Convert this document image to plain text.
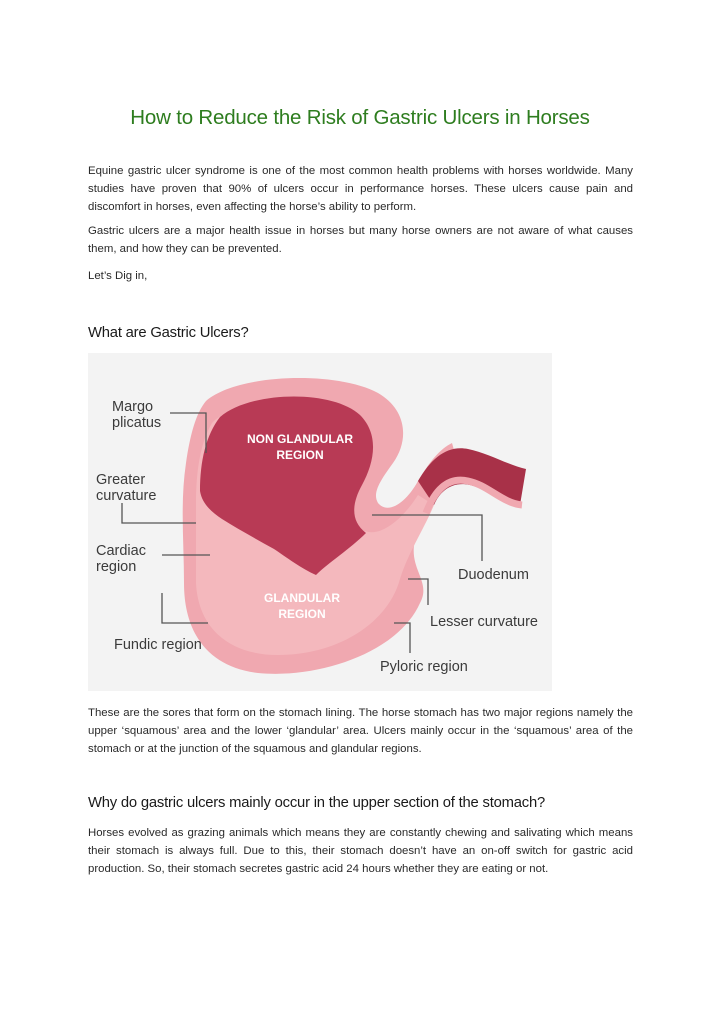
How to Reduce the Risk of Gastric Ulcers in Horses

Equine gastric ulcer syndrome is one of the most common health problems with horses worldwide. Many studies have proven that 90% of ulcers occur in performance horses. These ulcers cause pain and discomfort in horses, even affecting the horse’s ability to perform.

Gastric ulcers are a major health issue in horses but many horse owners are not aware of what causes them, and how they can be prevented.

Let’s Dig in,

What are Gastric Ulcers?
NON GLANDULAR
REGION
GLANDULAR
REGION
Margo
plicatus
Greater
curvature
Cardiac
region
Fundic region
Duodenum
Lesser curvature
Pyloric region

These are the sores that form on the stomach lining. The horse stomach has two major regions namely the upper ‘squamous’ area and the lower ‘glandular’ area. Ulcers mainly occur in the ‘squamous’ area of the stomach or at the junction of the squamous and glandular regions.

Why do gastric ulcers mainly occur in the upper section of the stomach?

Horses evolved as grazing animals which means they are constantly chewing and salivating which means their stomach is always full. Due to this, their stomach doesn’t have an on-off switch for gastric acid production. So, their stomach secretes gastric acid 24 hours whether they are eating or not.
